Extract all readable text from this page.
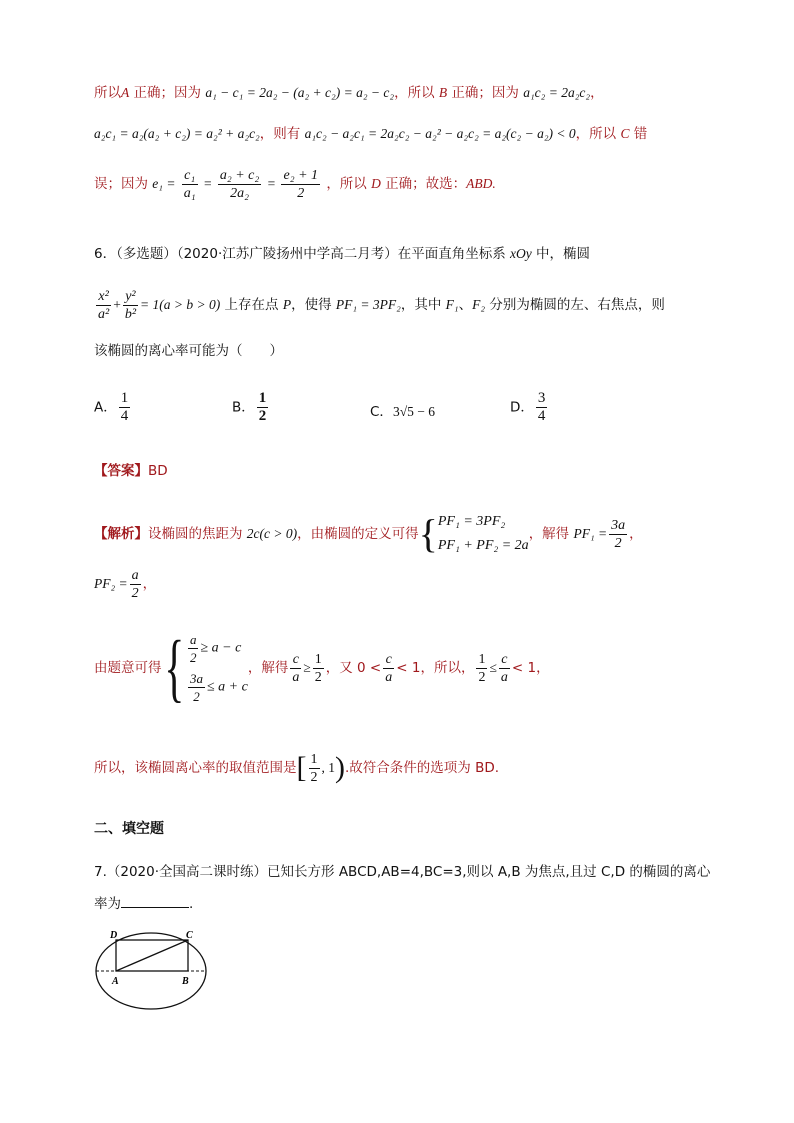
所以A 正确；因为 a₁ − c₁ = 2a₂ − (a₂ + c₂) = a₂ − c₂，所以 B 正确；因为 a₁c₂ = 2a₂c₂，
a₂c₁ = a₂(a₂ + c₂) = a₂² + a₂c₂，则有 a₁c₂ − a₂c₁ = 2a₂c₂ − a₂² − a₂c₂ = a₂(c₂ − a₂) < 0，所以 C 错
误；因为 $e_1 = \frac{\text{c₁}}{\text{a₁}} = \frac{\text{a₂ + c₂}}{\text{2a₂}} = \frac{\text{e₂ + 1}}{2}$ ，所以 D 正确；故选：ABD.
6．（多选题）（2020·江苏广陵扬州中学高二月考）在平面直角坐标系 xOy 中，椭圆
$\frac{\text{x²}}{\text{a²}} + \frac{\text{y²}}{\text{b²}} = 1(a > b > 0)$ 上存在点 P，使得 PF₁ = 3PF₂，其中 F₁、F₂ 分别为椭圆的左、右焦点，则
该椭圆的离心率可能为（　　）
A． $\frac{1}{4}$	B． $\frac{1}{2}$	C．3√5 − 6	D． $\frac{3}{4}$
【答案】BD
【解析】设椭圆的焦距为 2c(c > 0)，由椭圆的定义可得{ PF₁ = 3PF₂
PF₁ + PF₂ = 2a
，解得 $PF_1 = \frac{3a}{2}$ ，
$PF_2 = \frac{a}{2}$ ，
由题意可得{ $\frac{a}{2} \ge a - c$
$\frac{3a}{2} \le a + c$
，解得 $\frac{c}{a} \ge \frac{1}{2}$ ，又 $0 < \frac{c}{a} < 1$，所以， $\frac{1}{2} \le \frac{c}{a} < 1$，
所以，该椭圆离心率的取值范围是[ $\frac{1}{2}$ , 1).故符合条件的选项为 BD.
二、填空题
7.（2020·全国高二课时练）已知长方形 ABCD,AB=4,BC=3,则以 A,B 为焦点,且过 C,D 的椭圆的离心
率为	.
D	C
A	B
